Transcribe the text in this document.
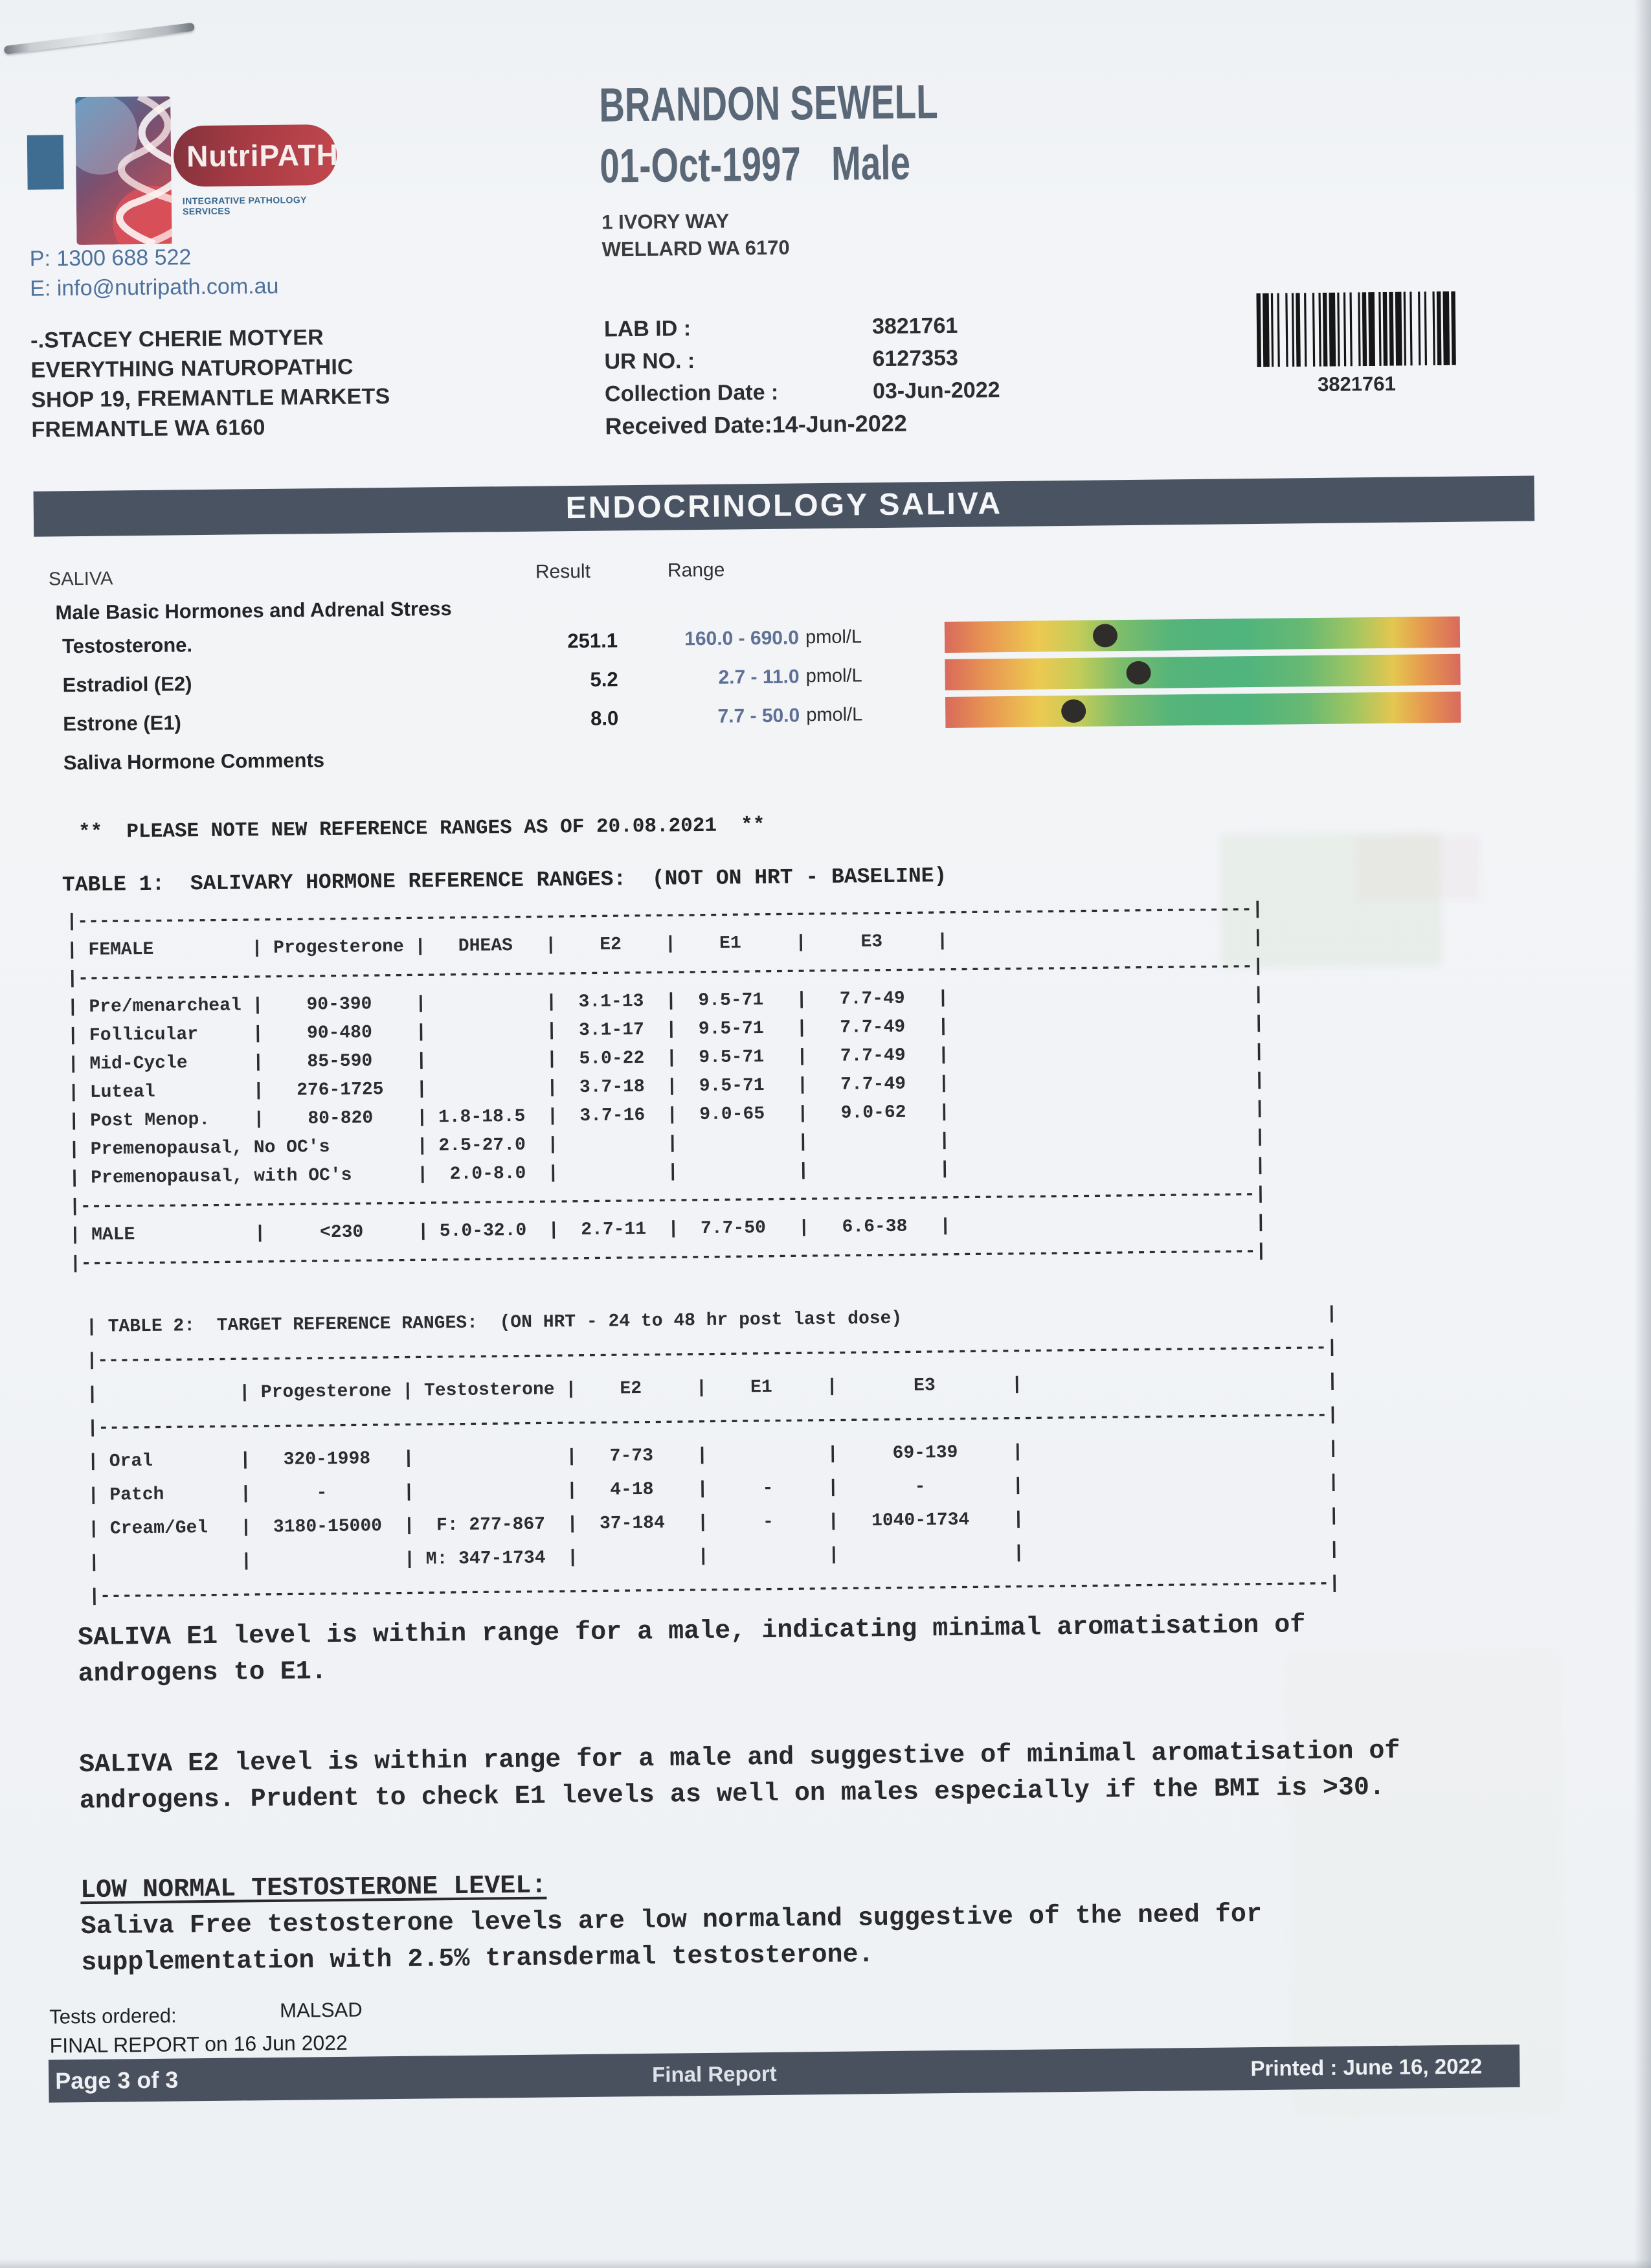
NutriPATH
INTEGRATIVE PATHOLOGY SERVICES
P: 1300 688 522
E: info@nutripath.com.au
-.STACEY CHERIE MOTYER
EVERYTHING NATUROPATHIC
SHOP 19, FREMANTLE MARKETS
FREMANTLE WA 6160
BRANDON SEWELL
01-Oct-1997 Male
1 IVORY WAY
WELLARD WA 6170
LAB ID :	3821761
UR NO. :	6127353
Collection Date :	03-Jun-2022
Received Date:14-Jun-2022
3821761
ENDOCRINOLOGY SALIVA
SALIVA	Result	Range
Male Basic Hormones and Adrenal Stress
Testosterone.	251.1	160.0 - 690.0 pmol/L
Estradiol (E2)	5.2	2.7 - 11.0 pmol/L
Estrone (E1)	8.0	7.7 - 50.0 pmol/L
Saliva Hormone Comments
**  PLEASE NOTE NEW REFERENCE RANGES AS OF 20.08.2021  **
TABLE 1:  SALIVARY HORMONE REFERENCE RANGES:  (NOT ON HRT - BASELINE)
|------------------------------------------------------------------------------------------------------------|
| FEMALE         | Progesterone |   DHEAS   |    E2    |    E1     |     E3     |                            |
|------------------------------------------------------------------------------------------------------------|
| Pre/menarcheal |    90-390    |           |  3.1-13  |  9.5-71   |   7.7-49   |                            |
| Follicular     |    90-480    |           |  3.1-17  |  9.5-71   |   7.7-49   |                            |
| Mid-Cycle      |    85-590    |           |  5.0-22  |  9.5-71   |   7.7-49   |                            |
| Luteal         |   276-1725   |           |  3.7-18  |  9.5-71   |   7.7-49   |                            |
| Post Menop.    |    80-820    | 1.8-18.5  |  3.7-16  |  9.0-65   |   9.0-62   |                            |
| Premenopausal, No OC's        | 2.5-27.0  |          |           |            |                            |
| Premenopausal, with OC's      |  2.0-8.0  |          |           |            |                            |
|------------------------------------------------------------------------------------------------------------|
| MALE           |     <230     | 5.0-32.0  |  2.7-11  |  7.7-50   |   6.6-38   |                            |
|------------------------------------------------------------------------------------------------------------|
| TABLE 2:  TARGET REFERENCE RANGES:  (ON HRT - 24 to 48 hr post last dose)                                       |
|-----------------------------------------------------------------------------------------------------------------|
|             | Progesterone | Testosterone |    E2     |    E1     |       E3       |                            |
|-----------------------------------------------------------------------------------------------------------------|
| Oral        |   320-1998   |              |   7-73    |           |     69-139     |                            |
| Patch       |      -       |              |   4-18    |     -     |       -        |                            |
| Cream/Gel   |  3180-15000  |  F: 277-867  |  37-184   |     -     |   1040-1734    |                            |
|             |              | M: 347-1734  |           |           |                |                            |
|-----------------------------------------------------------------------------------------------------------------|
SALIVA E1 level is within range for a male, indicating minimal aromatisation of
androgens to E1.
SALIVA E2 level is within range for a male and suggestive of minimal aromatisation of
androgens. Prudent to check E1 levels as well on males especially if the BMI is >30.
LOW NORMAL TESTOSTERONE LEVEL:
Saliva Free testosterone levels are low normaland suggestive of the need for
supplementation with 2.5% transdermal testosterone.
Tests ordered:	MALSAD
FINAL REPORT on 16 Jun 2022
Page 3 of 3	Final Report	Printed : June 16, 2022
